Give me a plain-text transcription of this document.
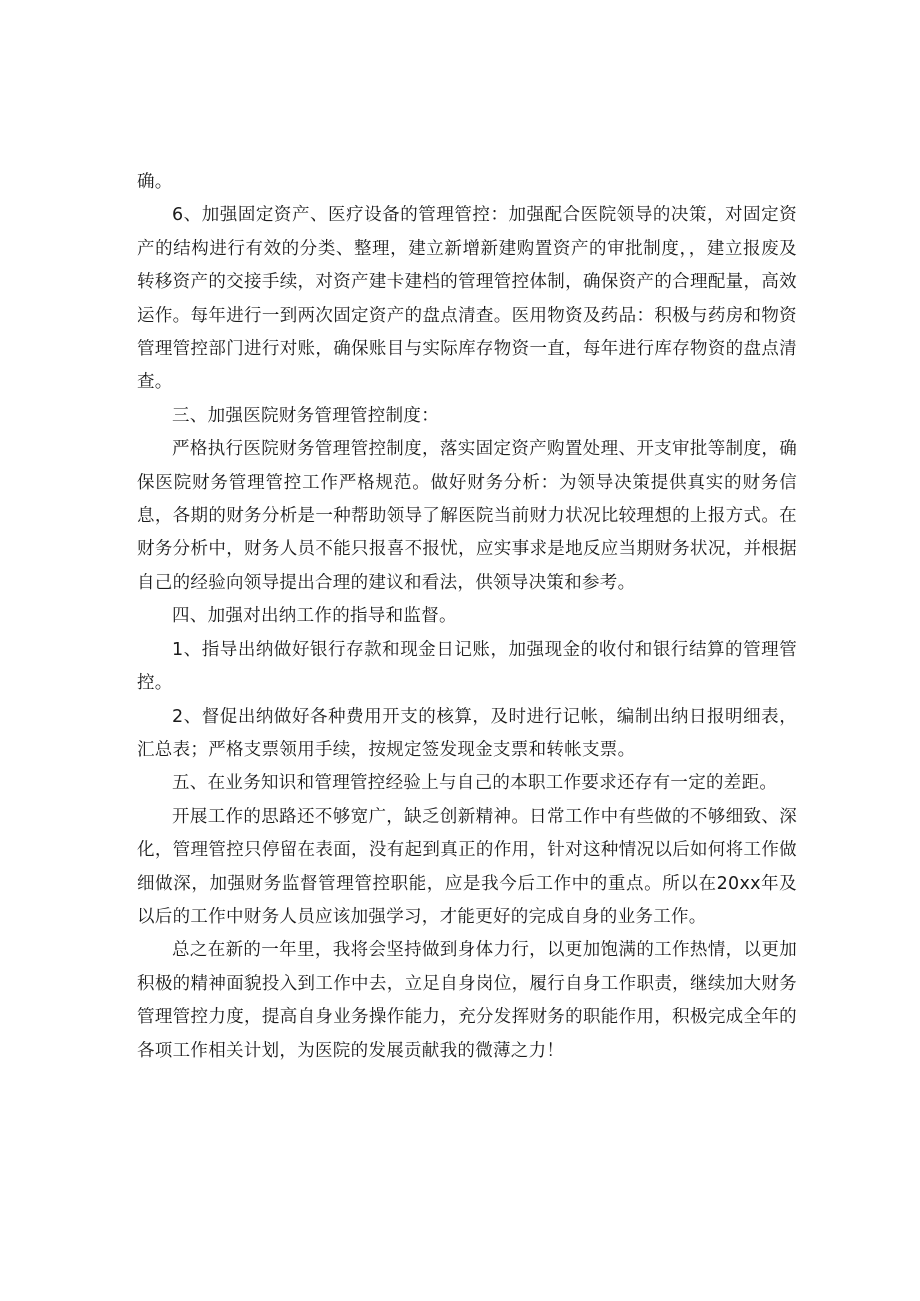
确。

6、加强固定资产、医疗设备的管理管控：加强配合医院领导的决策，对固定资产的结构进行有效的分类、整理，建立新增新建购置资产的审批制度，，建立报废及转移资产的交接手续，对资产建卡建档的管理管控体制，确保资产的合理配量，高效运作。每年进行一到两次固定资产的盘点清查。医用物资及药品：积极与药房和物资管理管控部门进行对账，确保账目与实际库存物资一直，每年进行库存物资的盘点清查。

三、加强医院财务管理管控制度：

严格执行医院财务管理管控制度，落实固定资产购置处理、开支审批等制度，确保医院财务管理管控工作严格规范。做好财务分析：为领导决策提供真实的财务信息，各期的财务分析是一种帮助领导了解医院当前财力状况比较理想的上报方式。在财务分析中，财务人员不能只报喜不报忧，应实事求是地反应当期财务状况，并根据自己的经验向领导提出合理的建议和看法，供领导决策和参考。

四、加强对出纳工作的指导和监督。

1、指导出纳做好银行存款和现金日记账，加强现金的收付和银行结算的管理管控。

2、督促出纳做好各种费用开支的核算，及时进行记帐，编制出纳日报明细表，汇总表；严格支票领用手续，按规定签发现金支票和转帐支票。

五、在业务知识和管理管控经验上与自己的本职工作要求还存有一定的差距。

开展工作的思路还不够宽广，缺乏创新精神。日常工作中有些做的不够细致、深化，管理管控只停留在表面，没有起到真正的作用，针对这种情况以后如何将工作做细做深，加强财务监督管理管控职能，应是我今后工作中的重点。所以在20xx年及以后的工作中财务人员应该加强学习，才能更好的完成自身的业务工作。

总之在新的一年里，我将会坚持做到身体力行，以更加饱满的工作热情，以更加积极的精神面貌投入到工作中去，立足自身岗位，履行自身工作职责，继续加大财务管理管控力度，提高自身业务操作能力，充分发挥财务的职能作用，积极完成全年的各项工作相关计划，为医院的发展贡献我的微薄之力！
